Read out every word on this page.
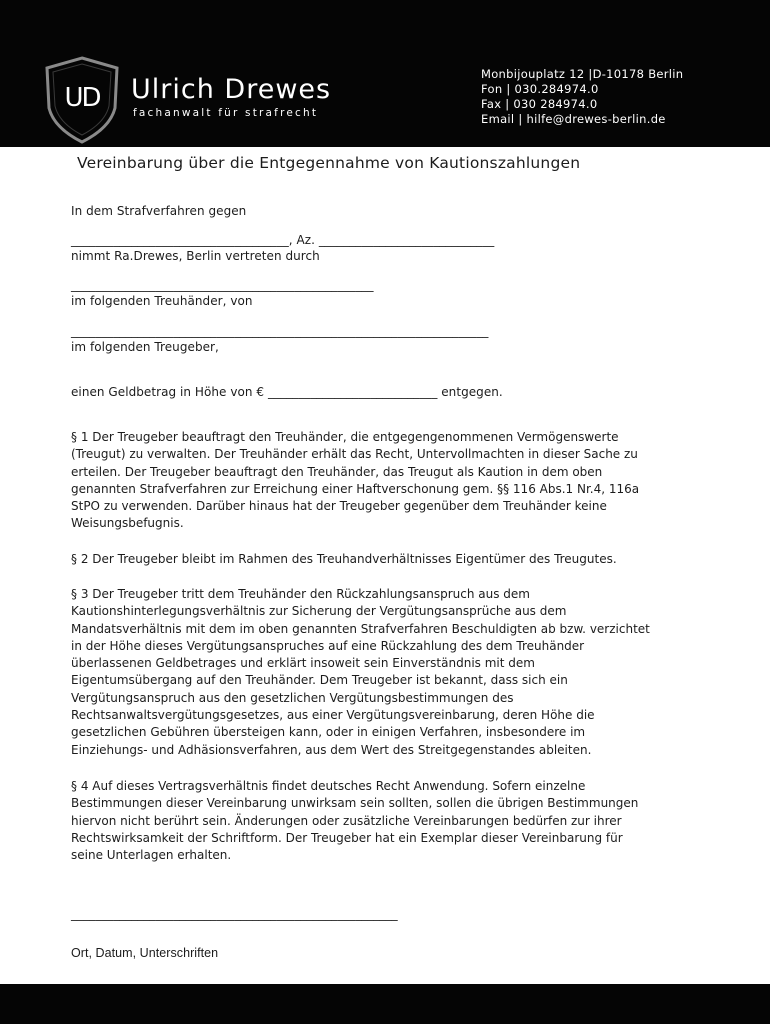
UD Ulrich Drewes
fachanwalt für strafrecht
Monbijouplatz 12 |D-10178 Berlin
Fon | 030.284974.0
Fax | 030 284974.0
Email | hilfe@drewes-berlin.de
Vereinbarung über die Entgegennahme von Kautionszahlungen
In dem Strafverfahren gegen
____________________________________, Az. _____________________________
nimmt Ra.Drewes, Berlin vertreten durch
__________________________________________________
im folgenden Treuhänder, von
_____________________________________________________________________
im folgenden Treugeber,
einen Geldbetrag in Höhe von € ____________________________ entgegen.
§ 1 Der Treugeber beauftragt den Treuhänder, die entgegengenommenen Vermögenswerte
(Treugut) zu verwalten. Der Treuhänder erhält das Recht, Untervollmachten in dieser Sache zu
erteilen. Der Treugeber beauftragt den Treuhänder, das Treugut als Kaution in dem oben
genannten Strafverfahren zur Erreichung einer Haftverschonung gem. §§ 116 Abs.1 Nr.4, 116a
StPO zu verwenden. Darüber hinaus hat der Treugeber gegenüber dem Treuhänder keine
Weisungsbefugnis.
§ 2 Der Treugeber bleibt im Rahmen des Treuhandverhältnisses Eigentümer des Treugutes.
§ 3 Der Treugeber tritt dem Treuhänder den Rückzahlungsanspruch aus dem
Kautionshinterlegungsverhältnis zur Sicherung der Vergütungsansprüche aus dem
Mandatsverhältnis mit dem im oben genannten Strafverfahren Beschuldigten ab bzw. verzichtet
in der Höhe dieses Vergütungsanspruches auf eine Rückzahlung des dem Treuhänder
überlassenen Geldbetrages und erklärt insoweit sein Einverständnis mit dem
Eigentumsübergang auf den Treuhänder. Dem Treugeber ist bekannt, dass sich ein
Vergütungsanspruch aus den gesetzlichen Vergütungsbestimmungen des
Rechtsanwaltsvergütungsgesetzes, aus einer Vergütungsvereinbarung, deren Höhe die
gesetzlichen Gebühren übersteigen kann, oder in einigen Verfahren, insbesondere im
Einziehungs- und Adhäsionsverfahren, aus dem Wert des Streitgegenstandes ableiten.
§ 4 Auf dieses Vertragsverhältnis findet deutsches Recht Anwendung. Sofern einzelne
Bestimmungen dieser Vereinbarung unwirksam sein sollten, sollen die übrigen Bestimmungen
hiervon nicht berührt sein. Änderungen oder zusätzliche Vereinbarungen bedürfen zur ihrer
Rechtswirksamkeit der Schriftform. Der Treugeber hat ein Exemplar dieser Vereinbarung für
seine Unterlagen erhalten.
______________________________________________________
Ort, Datum, Unterschriften
